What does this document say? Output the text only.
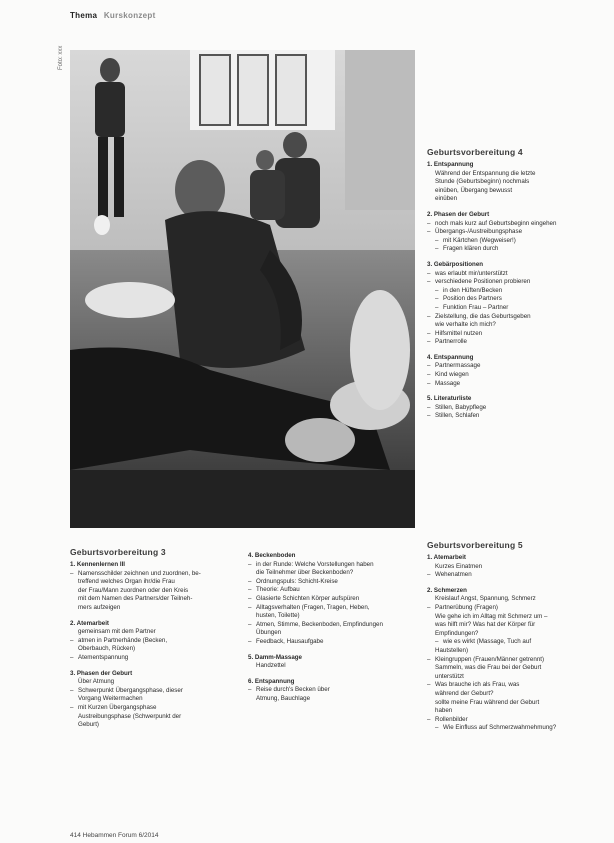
Thema Kurskonzept
Foto: xxx
Geburtsvorbereitung 4
1. Entspannung
Während der Entspannung die letzte
Stunde (Geburtsbeginn) nochmals
einüben, Übergang bewusst
einüben
2. Phasen der Geburt
– noch mals kurz auf Geburtsbeginn eingehen
– Übergangs-/Austreibungsphase
– mit Kärtchen (Wegweiser!)
– Fragen klären durch
3. Gebärpositionen
– was erlaubt mir/unterstützt
– verschiedene Positionen probieren
– in den Hüften/Becken
– Position des Partners
– Funktion Frau – Partner
– Zielstellung, die das Geburtsgeben
wie verhalte ich mich?
– Hilfsmittel nutzen
– Partnerrolle
4. Entspannung
– Partnermassage
– Kind wiegen
– Massage
5. Literaturliste
– Stillen, Babypflege
– Stillen, Schlafen
Geburtsvorbereitung 3
1. Kennenlernen III
– Namensschilder zeichnen und zuordnen, be-
treffend welches Organ ihr/die Frau
der Frau/Mann zuordnen oder den Kreis
mit dem Namen des Partners/der Teilneh-
mers aufzeigen
2. Atemarbeit
gemeinsam mit dem Partner
– atmen in Partnerhände (Becken,
Oberbauch, Rücken)
– Atementspannung
3. Phasen der Geburt
Über Atmung
– Schwerpunkt Übergangsphase, dieser
Vorgang Weitermachen
– mit Kurzen Übergangsphase
Austreibungsphase (Schwerpunkt der
Geburt)
4. Beckenboden
– in der Runde: Welche Vorstellungen haben
die Teilnehmer über Beckenboden?
– Ordnungspuls: Schicht-Kreise
– Theorie: Aufbau
– Glasierte Schichten Körper aufspüren
– Alltagsverhalten (Fragen, Tragen, Heben,
husten, Toilette)
– Atmen, Stimme, Beckenboden, Empfindungen
Übungen
– Feedback, Hausaufgabe
5. Damm-Massage
Handzettel
6. Entspannung
– Reise durch's Becken über
Atmung, Bauchlage
Geburtsvorbereitung 5
1. Atemarbeit
Kurzes Einatmen
– Wehenatmen
2. Schmerzen
Kreislauf Angst, Spannung, Schmerz
– Partnerübung (Fragen)
Wie gehe ich im Alltag mit Schmerz um –
was hilft mir? Was hat der Körper für
Empfindungen?
– wie es wirkt (Massage, Tuch auf
Hautstellen)
– Kleingruppen (Frauen/Männer getrennt)
Sammeln, was die Frau bei der Geburt
unterstützt
– Was brauche ich als Frau, was
während der Geburt?
sollte meine Frau während der Geburt
haben
– Rollenbilder
– Wie Einfluss auf Schmerzwahrnehmung?
414 Hebammen Forum 6/2014
